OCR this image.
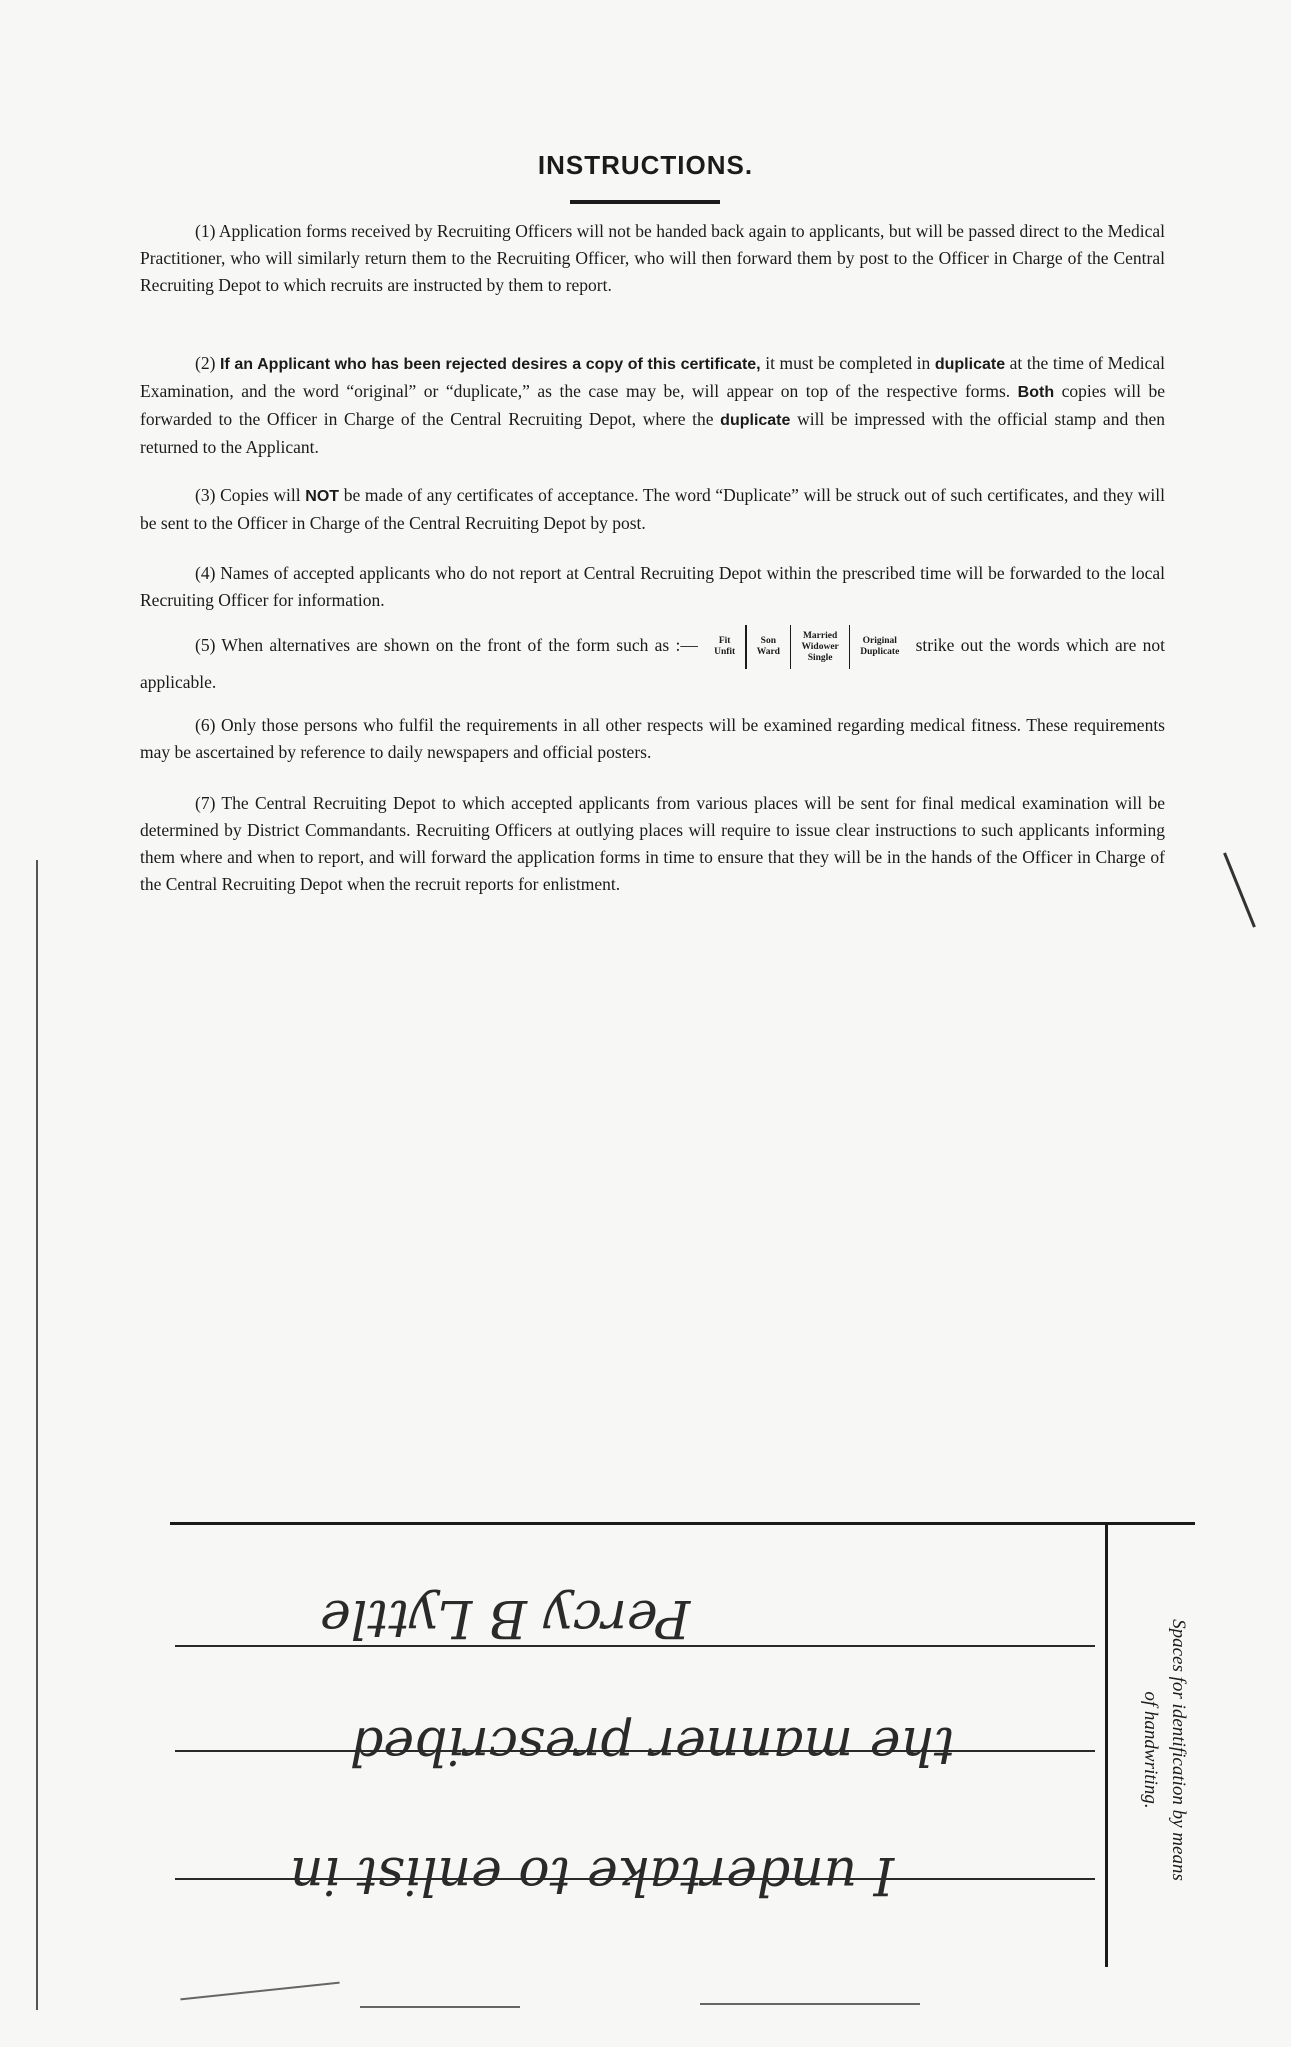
INSTRUCTIONS.
(1) Application forms received by Recruiting Officers will not be handed back again to applicants, but will be passed direct to the Medical Practitioner, who will similarly return them to the Recruiting Officer, who will then forward them by post to the Officer in Charge of the Central Recruiting Depot to which recruits are instructed by them to report.
(2) If an Applicant who has been rejected desires a copy of this certificate, it must be completed in duplicate at the time of Medical Examination, and the word “original” or “duplicate,” as the case may be, will appear on top of the respective forms. Both copies will be forwarded to the Officer in Charge of the Central Recruiting Depot, where the duplicate will be impressed with the official stamp and then returned to the Applicant.
(3) Copies will NOT be made of any certificates of acceptance. The word “Duplicate” will be struck out of such certificates, and they will be sent to the Officer in Charge of the Central Recruiting Depot by post.
(4) Names of accepted applicants who do not report at Central Recruiting Depot within the prescribed time will be forwarded to the local Recruiting Officer for information.
(5) When alternatives are shown on the front of the form such as :— Fit
UnfitSon
WardMarried
Widower
SingleOriginal
Duplicate strike out the words which are not applicable.
(6) Only those persons who fulfil the requirements in all other respects will be examined regarding medical fitness. These requirements may be ascertained by reference to daily newspapers and official posters.
(7) The Central Recruiting Depot to which accepted applicants from various places will be sent for final medical examination will be determined by District Commandants. Recruiting Officers at outlying places will require to issue clear instructions to such applicants informing them where and when to report, and will forward the application forms in time to ensure that they will be in the hands of the Officer in Charge of the Central Recruiting Depot when the recruit reports for enlistment.
Percy B Lyttle
the manner prescribed
I undertake to enlist in	Spaces for identification by means
of handwriting.
